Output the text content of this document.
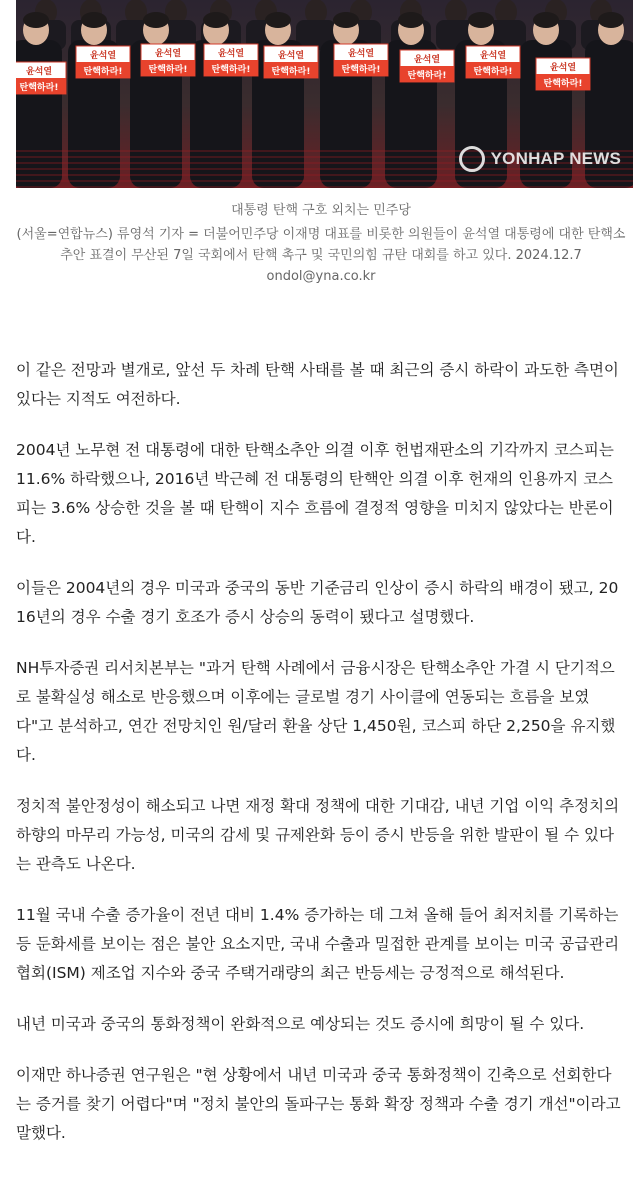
윤석열
탄핵하라!
윤석열
탄핵하라!
윤석열
탄핵하라!
윤석열
탄핵하라!
윤석열
탄핵하라!
윤석열
탄핵하라!
윤석열
탄핵하라!
윤석열
탄핵하라!	윤석열
탄핵하라!
YONHAP NEWS

대통령 탄핵 구호 외치는 민주당

(서울=연합뉴스) 류영석 기자 = 더불어민주당 이재명 대표를 비롯한 의원들이 윤석열 대통령에 대한 탄핵소추안 표결이 무산된 7일 국회에서 탄핵 촉구 및 국민의힘 규탄 대회를 하고 있다. 2024.12.7 ondol@yna.co.kr

이 같은 전망과 별개로, 앞선 두 차례 탄핵 사태를 볼 때 최근의 증시 하락이 과도한 측면이 있다는 지적도 여전하다.

2004년 노무현 전 대통령에 대한 탄핵소추안 의결 이후 헌법재판소의 기각까지 코스피는 11.6% 하락했으나, 2016년 박근혜 전 대통령의 탄핵안 의결 이후 헌재의 인용까지 코스피는 3.6% 상승한 것을 볼 때 탄핵이 지수 흐름에 결정적 영향을 미치지 않았다는 반론이다.

이들은 2004년의 경우 미국과 중국의 동반 기준금리 인상이 증시 하락의 배경이 됐고, 2016년의 경우 수출 경기 호조가 증시 상승의 동력이 됐다고 설명했다.

NH투자증권 리서치본부는 "과거 탄핵 사례에서 금융시장은 탄핵소추안 가결 시 단기적으로 불확실성 해소로 반응했으며 이후에는 글로벌 경기 사이클에 연동되는 흐름을 보였다"고 분석하고, 연간 전망치인 원/달러 환율 상단 1,450원, 코스피 하단 2,250을 유지했다.

정치적 불안정성이 해소되고 나면 재정 확대 정책에 대한 기대감, 내년 기업 이익 추정치의 하향의 마무리 가능성, 미국의 감세 및 규제완화 등이 증시 반등을 위한 발판이 될 수 있다는 관측도 나온다.

11월 국내 수출 증가율이 전년 대비 1.4% 증가하는 데 그쳐 올해 들어 최저치를 기록하는 등 둔화세를 보이는 점은 불안 요소지만, 국내 수출과 밀접한 관계를 보이는 미국 공급관리협회(ISM) 제조업 지수와 중국 주택거래량의 최근 반등세는 긍정적으로 해석된다.

내년 미국과 중국의 통화정책이 완화적으로 예상되는 것도 증시에 희망이 될 수 있다.

이재만 하나증권 연구원은 "현 상황에서 내년 미국과 중국 통화정책이 긴축으로 선회한다는 증거를 찾기 어렵다"며 "정치 불안의 돌파구는 통화 확장 정책과 수출 경기 개선"이라고 말했다.
